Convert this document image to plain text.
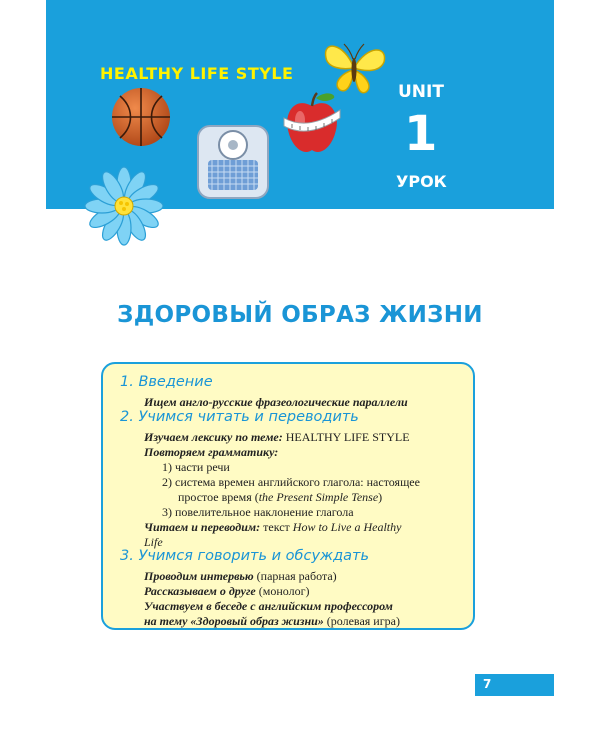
HEALTHY LIFE STYLE
UNIT
1
УРОК
ЗДОРОВЫЙ ОБРАЗ ЖИЗНИ
1. Введение
Ищем англо-русские фразеологические параллели
2. Учимся читать и переводить
Изучаем лексику по теме: HEALTHY LIFE STYLE
Повторяем грамматику:
1) части речи
2) система времен английского глагола: настоящее
простое время (the Present Simple Tense)
3) повелительное наклонение глагола
Читаем и переводим: текст How to Live a Healthy
Life
3. Учимся говорить и обсуждать
Проводим интервью (парная работа)
Рассказываем о друге (монолог)
Участвуем в беседе с английским профессором
на тему «Здоровый образ жизни» (ролевая игра)
7
